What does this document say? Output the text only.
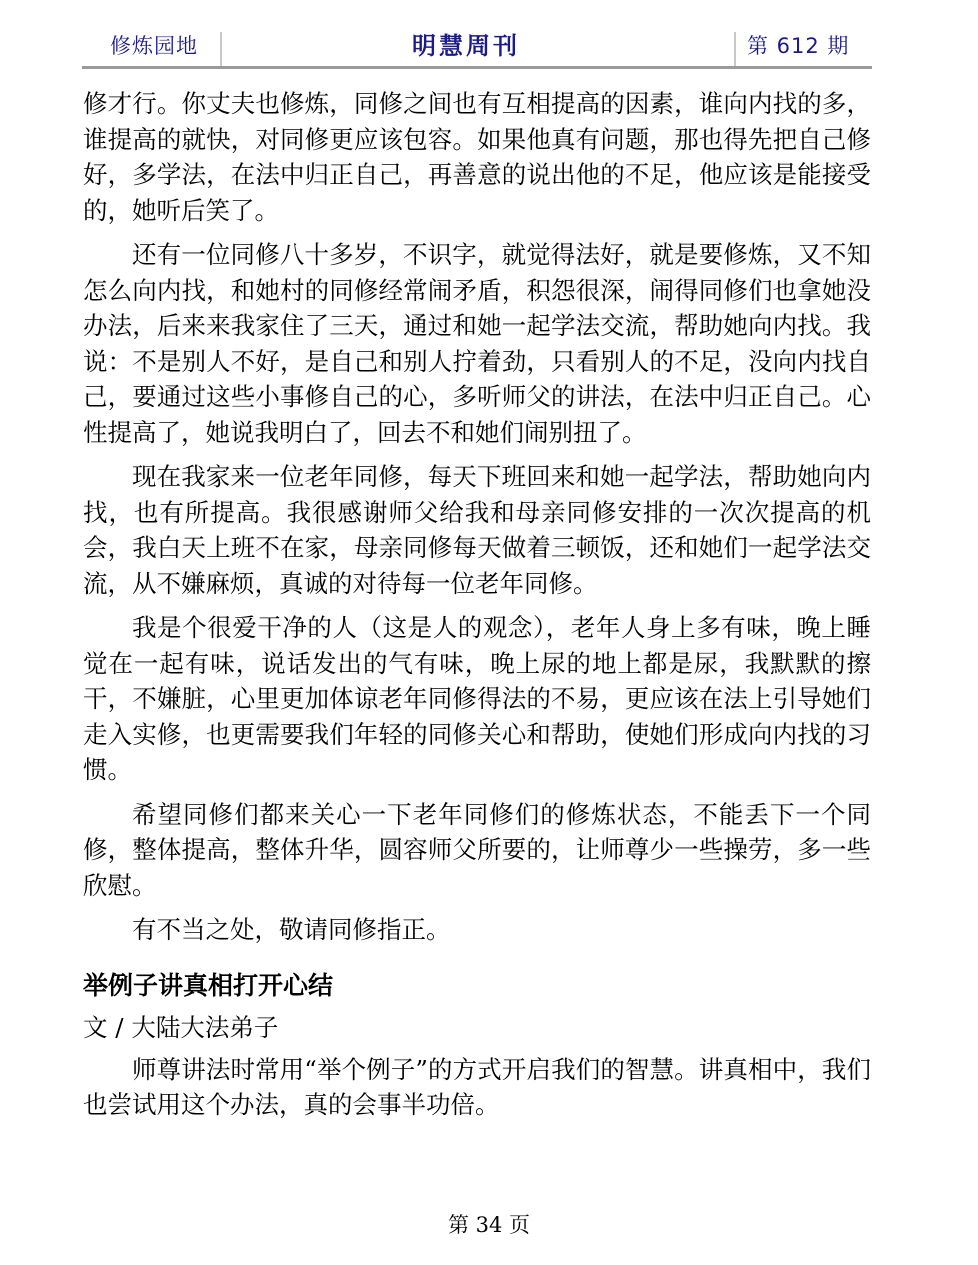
修炼园地	明慧周刊	第 612 期

修才行。你丈夫也修炼，同修之间也有互相提高的因素，谁向内找的多，谁提高的就快，对同修更应该包容。如果他真有问题，那也得先把自己修好，多学法，在法中归正自己，再善意的说出他的不足，他应该是能接受的，她听后笑了。

还有一位同修八十多岁，不识字，就觉得法好，就是要修炼，又不知怎么向内找，和她村的同修经常闹矛盾，积怨很深，闹得同修们也拿她没办法，后来来我家住了三天，通过和她一起学法交流，帮助她向内找。我说：不是别人不好，是自己和别人拧着劲，只看别人的不足，没向内找自己，要通过这些小事修自己的心，多听师父的讲法，在法中归正自己。心性提高了，她说我明白了，回去不和她们闹别扭了。

现在我家来一位老年同修，每天下班回来和她一起学法，帮助她向内找，也有所提高。我很感谢师父给我和母亲同修安排的一次次提高的机会，我白天上班不在家，母亲同修每天做着三顿饭，还和她们一起学法交流，从不嫌麻烦，真诚的对待每一位老年同修。

我是个很爱干净的人（这是人的观念），老年人身上多有味，晚上睡觉在一起有味，说话发出的气有味，晚上尿的地上都是尿，我默默的擦干，不嫌脏，心里更加体谅老年同修得法的不易，更应该在法上引导她们走入实修，也更需要我们年轻的同修关心和帮助，使她们形成向内找的习惯。

希望同修们都来关心一下老年同修们的修炼状态，不能丢下一个同修，整体提高，整体升华，圆容师父所要的，让师尊少一些操劳，多一些欣慰。

有不当之处，敬请同修指正。

举例子讲真相打开心结
文 / 大陆大法弟子

师尊讲法时常用“举个例子”的方式开启我们的智慧。讲真相中，我们也尝试用这个办法，真的会事半功倍。

第 34 页
